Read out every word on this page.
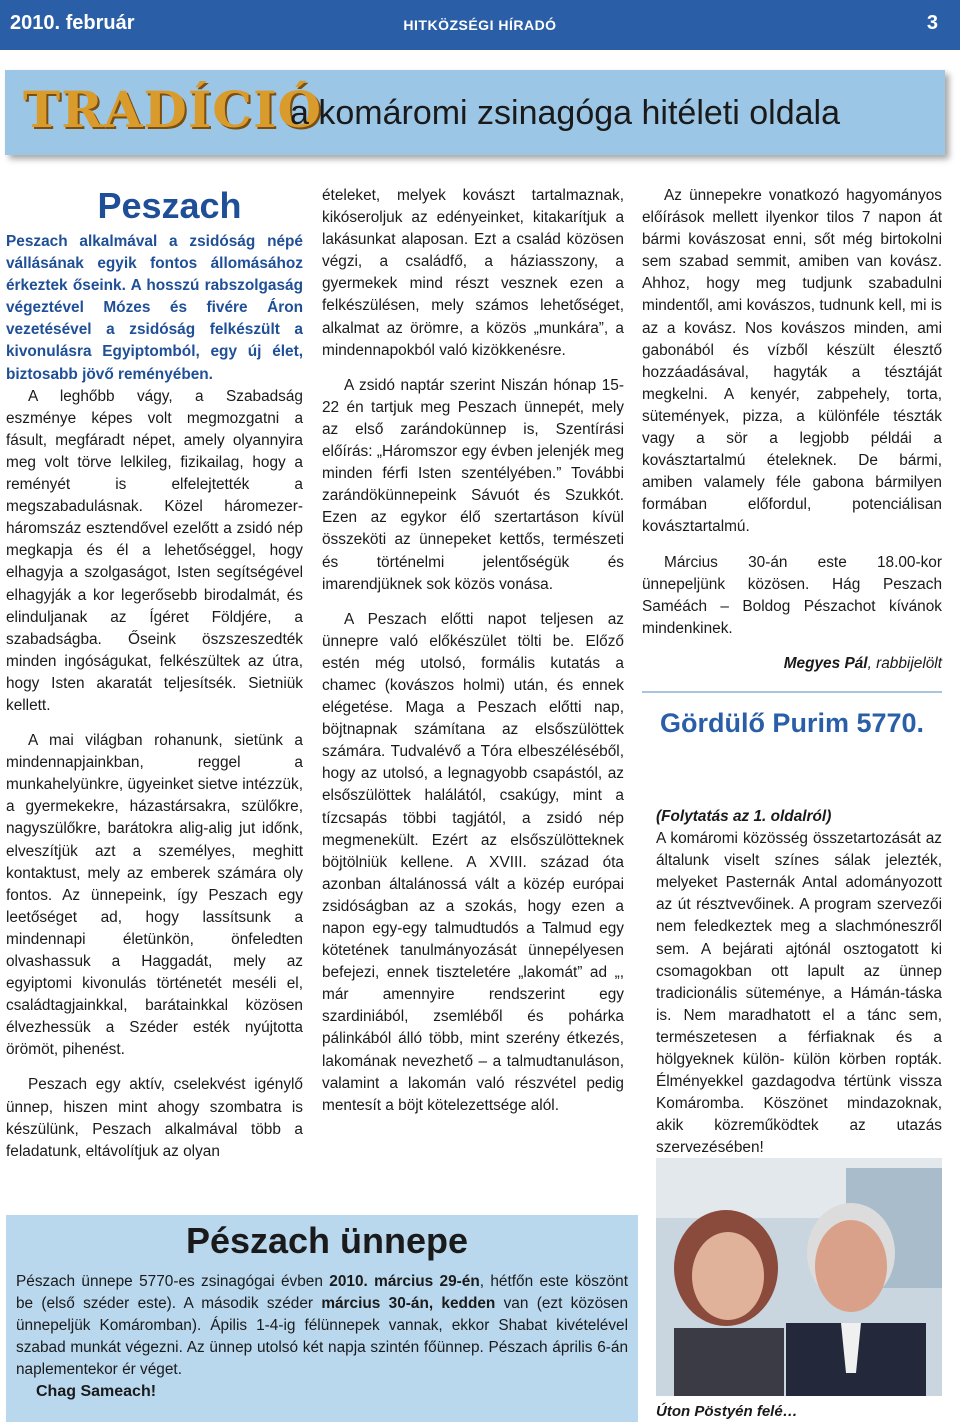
2010. február	HITKÖZSÉGI HÍRADÓ	3
TRADÍCIÓ
a komáromi zsinagóga hitéleti oldala
Peszach

Peszach alkalmával a zsidóság népé vállásának egyik fontos állomásához érkeztek őseink. A hosszú rabszolgaság végeztével Mózes és fivére Áron vezetésével a zsidóság felkészült a kivonulásra Egyiptomból, egy új élet, biztosabb jövő reményében.

A leghőbb vágy, a Szabadság eszménye képes volt megmozgatni a fásult, megfáradt népet, amely olyannyira meg volt törve lelkileg, fizikailag, hogy a reményét is elfelejtették a megszabadulásnak. Közel háromezer-háromszáz esztendővel ezelőtt a zsidó nép megkapja és él a lehetőséggel, hogy elhagyja a szolgaságot, Isten segítségével elhagyják a kor legerősebb birodalmát, és elinduljanak az Ígéret Földjére, a szabadságba. Őseink öszszeszedték minden ingóságukat, felkészültek az útra, hogy Isten akaratát teljesítsék. Sietniük kellett.

A mai világban rohanunk, sietünk a mindennapjainkban, reggel a munkahelyünkre, ügyeinket sietve intézzük, a gyermekekre, házastársakra, szülőkre, nagyszülőkre, barátokra alig-alig jut időnk, elveszítjük azt a személyes, meghitt kontaktust, mely az emberek számára oly fontos. Az ünnepeink, így Peszach egy leetőséget ad, hogy lassítsunk a mindennapi életünkön, önfeledten olvashassuk a Haggadát, mely az egyiptomi kivonulás történetét meséli el, családtagjainkkal, barátainkkal közösen élvezhessük a Széder esték nyújtotta örömöt, pihenést.

Peszach egy aktív, cselekvést igénylő ünnep, hiszen mint ahogy szombatra is készülünk, Peszach alkalmával több a feladatunk, eltávolítjuk az olyan

ételeket, melyek kovászt tartalmaznak, kikóseroljuk az edényeinket, kitakarítjuk a lakásunkat alaposan. Ezt a család közösen végzi, a családfő, a háziasszony, a gyermekek mind részt vesznek ezen a felkészülésen, mely számos lehetőséget, alkalmat az örömre, a közös „munkára”, a mindennapokból való kizökkenésre.

A zsidó naptár szerint Niszán hónap 15-22 én tartjuk meg Peszach ünnepét, mely az első zarándokünnep is, Szentírási előírás: „Háromszor egy évben jelenjék meg minden férfi Isten szentélyében.” További zarándökünnepeink Sávuót és Szukkót. Ezen az egykor élő szertartáson kívül összeköti az ünnepeket kettős, természeti és történelmi jelentőségük és imarendjüknek sok közös vonása.

A Peszach előtti napot teljesen az ünnepre való előkészület tölti be. Előző estén még utolsó, formális kutatás a chamec (kovászos holmi) után, és ennek elégetése. Maga a Peszach előtti nap, böjtnapnak számítana az elsőszülöttek számára. Tudvalévő a Tóra elbeszéléséből, hogy az utolsó, a legnagyobb csapástól, az elsőszülöttek halálától, csakúgy, mint a tízcsapás többi tagjától, a zsidó nép megmenekült. Ezért az elsőszülötteknek böjtölniük kellene. A XVIII. század óta azonban általánossá vált a közép európai zsidóságban az a szokás, hogy ezen a napon egy-egy talmudtudós a Talmud egy kötetének tanulmányozását ünnepélyesen befejezi, ennek tiszteletére „lakomát” ad „, már amennyire rendszerint egy szardiniából, zsemléből és pohárka pálinkából álló több, mint szerény étkezés, lakomának nevezhető – a talmudtanuláson, valamint a lakomán való részvétel pedig mentesít a böjt kötelezettsége alól.

Az ünnepekre vonatkozó hagyományos előírások mellett ilyenkor tilos 7 napon át bármi kovászosat enni, sőt még birtokolni sem szabad semmit, amiben van kovász. Ahhoz, hogy meg tudjunk szabadulni mindentől, ami kovászos, tudnunk kell, mi is az a kovász. Nos kovászos minden, ami gabonából és vízből készült élesztő hozzáadásával, hagyták a tésztáját megkelni. A kenyér, zabpehely, torta, sütemények, pizza, a különféle tészták vagy a sör a legjobb példái a kovásztartalmú ételeknek. De bármi, amiben valamely féle gabona bármilyen formában előfordul, potenciálisan kovásztartalmú.

Március 30-án este 18.00-kor ünnepeljünk közösen. Hág Peszach Saméách – Boldog Pészachot kívánok mindenkinek.

Megyes Pál, rabbijelölt

Gördülő Purim 5770.
(Folytatás az 1. oldalról)
A komáromi közösség összetartozását az általunk viselt színes sálak jelezték, melyeket Pasternák Antal adományozott az út résztvevőinek. A program szervezői nem feledkeztek meg a slachmóneszről sem. A bejárati ajtónál osztogatott ki csomagokban ott lapult az ünnep tradicionális süteménye, a Hámán-táska is. Nem maradhatott el a tánc sem, természetesen a férfiaknak és a hölgyeknek külön- külön körben ropták. Élményekkel gazdagodva tértünk vissza Komáromba. Köszönet mindazoknak, akik közreműködtek az utazás szervezésében!
Úton Pöstyén felé…
Pészach ünnepe

Pészach ünnepe 5770-es zsinagógai évben 2010. március 29-én, hétfőn este köszönt be (első széder este). A második széder március 30-án, kedden van (ezt közösen ünnepeljük Komáromban). Ápilis 1-4-ig félünnepek vannak, ekkor Shabat kivételével szabad munkát végezni. Az ünnep utolsó két napja szintén főünnep. Pészach április 6-án naplementekor ér véget.

Chag Sameach!
